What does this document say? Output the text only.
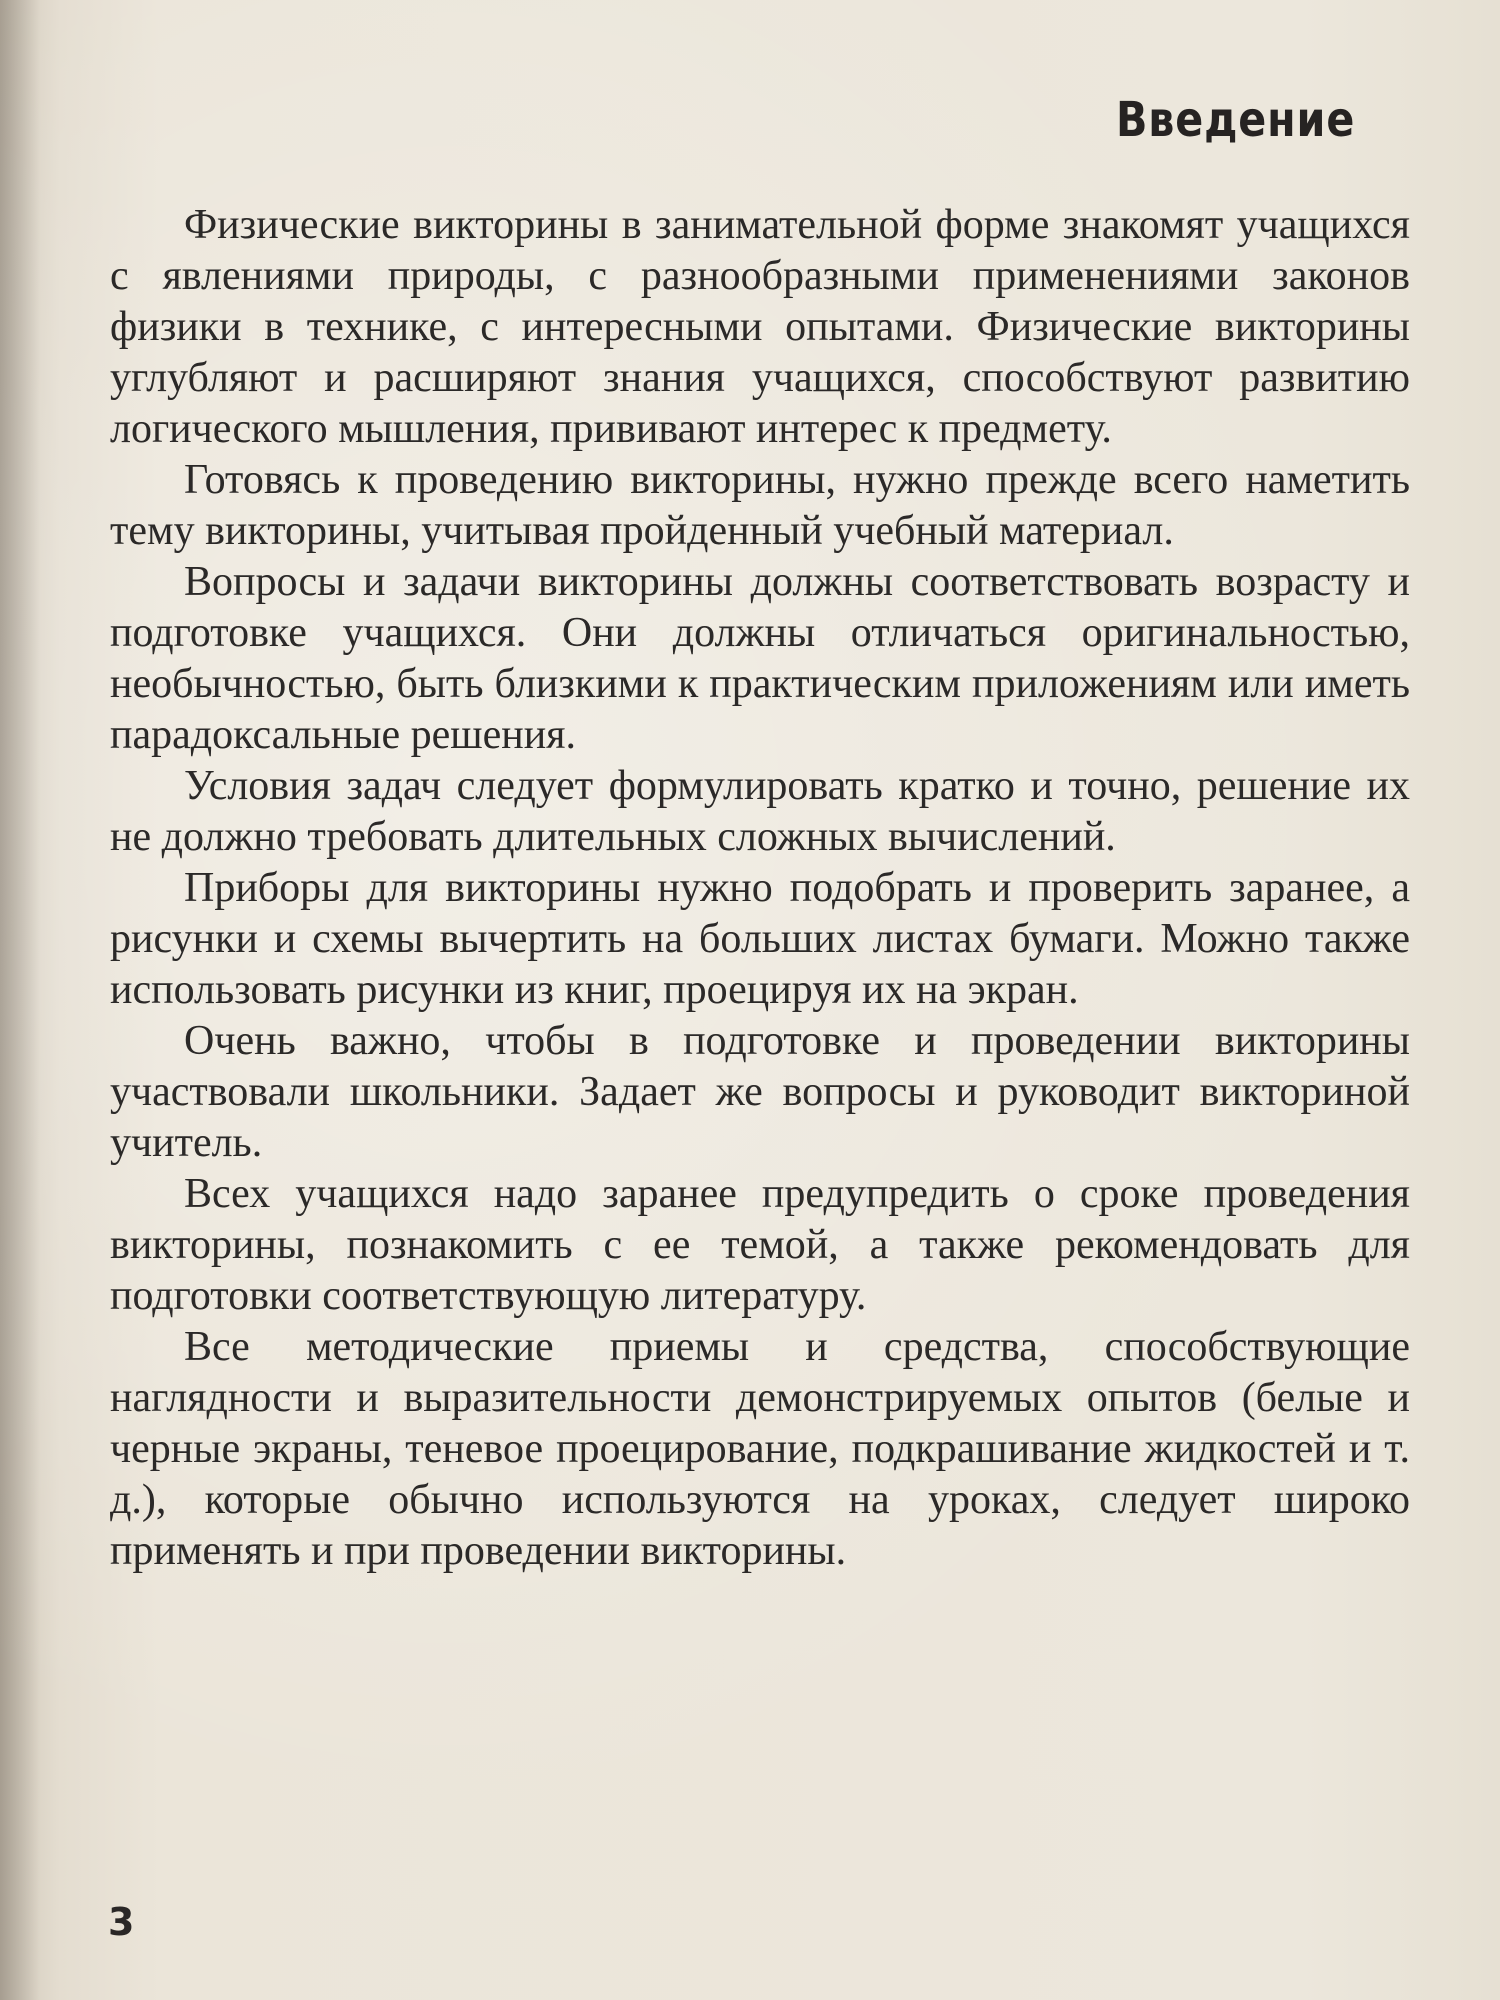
Введение

Физические викторины в занимательной форме знакомят учащихся с явлениями природы, с разнообразными применениями законов физики в технике, с интересными опытами. Физические викторины углубляют и расширяют знания учащихся, способствуют развитию логического мышления, прививают интерес к предмету.

Готовясь к проведению викторины, нужно прежде всего наметить тему викторины, учитывая пройденный учебный материал.

Вопросы и задачи викторины должны соответствовать возрасту и подготовке учащихся. Они должны отличаться оригинальностью, необычностью, быть близкими к практическим приложениям или иметь парадоксальные решения.

Условия задач следует формулировать кратко и точно, решение их не должно требовать длительных сложных вычислений.

Приборы для викторины нужно подобрать и проверить заранее, а рисунки и схемы вычертить на больших листах бумаги. Можно также использовать рисунки из книг, проецируя их на экран.

Очень важно, чтобы в подготовке и проведении викторины участвовали школьники. Задает же вопросы и руководит викториной учитель.

Всех учащихся надо заранее предупредить о сроке проведения викторины, познакомить с ее темой, а также рекомендовать для подготовки соответствующую литературу.

Все методические приемы и средства, способствующие наглядности и выразительности демонстрируемых опытов (белые и черные экраны, теневое проецирование, подкрашивание жидкостей и т. д.), которые обычно используются на уроках, следует широко применять и при проведении викторины.

3
